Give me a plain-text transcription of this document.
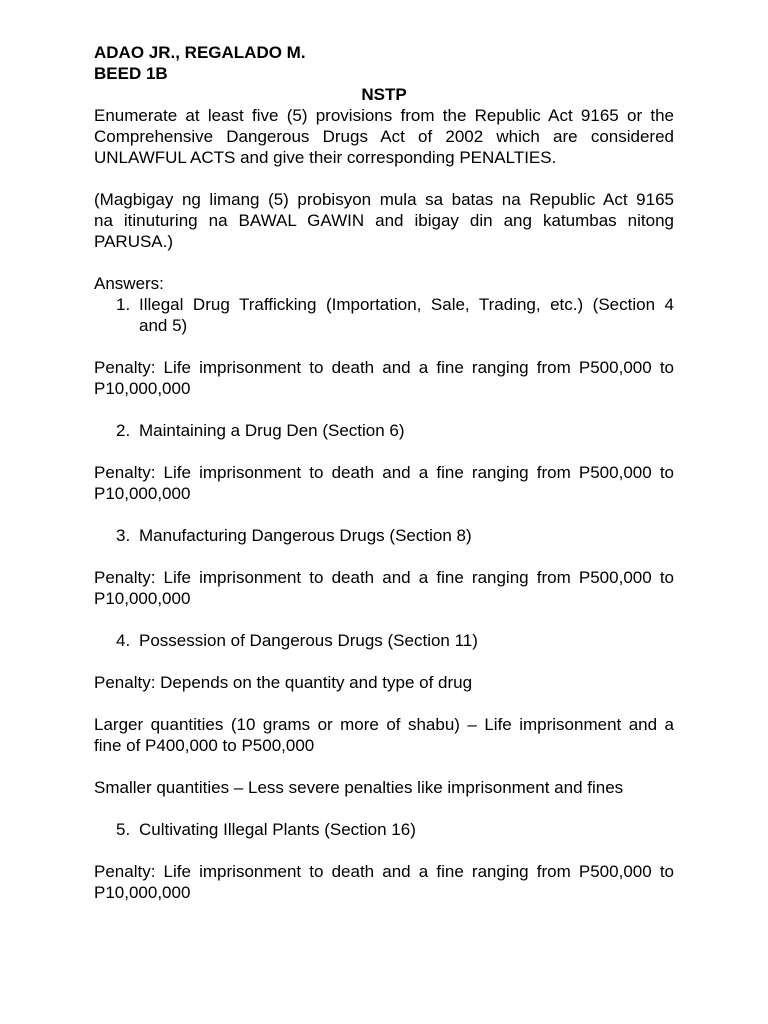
ADAO JR., REGALADO M.
BEED 1B
NSTP
Enumerate at least five (5) provisions from the Republic Act 9165 or the
Comprehensive Dangerous Drugs Act of 2002 which are considered
UNLAWFUL ACTS and give their corresponding PENALTIES.
(Magbigay ng limang (5) probisyon mula sa batas na Republic Act 9165
na itinuturing na BAWAL GAWIN and ibigay din ang katumbas nitong
PARUSA.)
Answers:
1. Illegal Drug Trafficking (Importation, Sale, Trading, etc.) (Section 4
and 5)
Penalty: Life imprisonment to death and a fine ranging from P500,000 to
P10,000,000
2. Maintaining a Drug Den (Section 6)
Penalty: Life imprisonment to death and a fine ranging from P500,000 to
P10,000,000
3. Manufacturing Dangerous Drugs (Section 8)
Penalty: Life imprisonment to death and a fine ranging from P500,000 to
P10,000,000
4. Possession of Dangerous Drugs (Section 11)
Penalty: Depends on the quantity and type of drug
Larger quantities (10 grams or more of shabu) – Life imprisonment and a
fine of P400,000 to P500,000
Smaller quantities – Less severe penalties like imprisonment and fines
5. Cultivating Illegal Plants (Section 16)
Penalty: Life imprisonment to death and a fine ranging from P500,000 to
P10,000,000
